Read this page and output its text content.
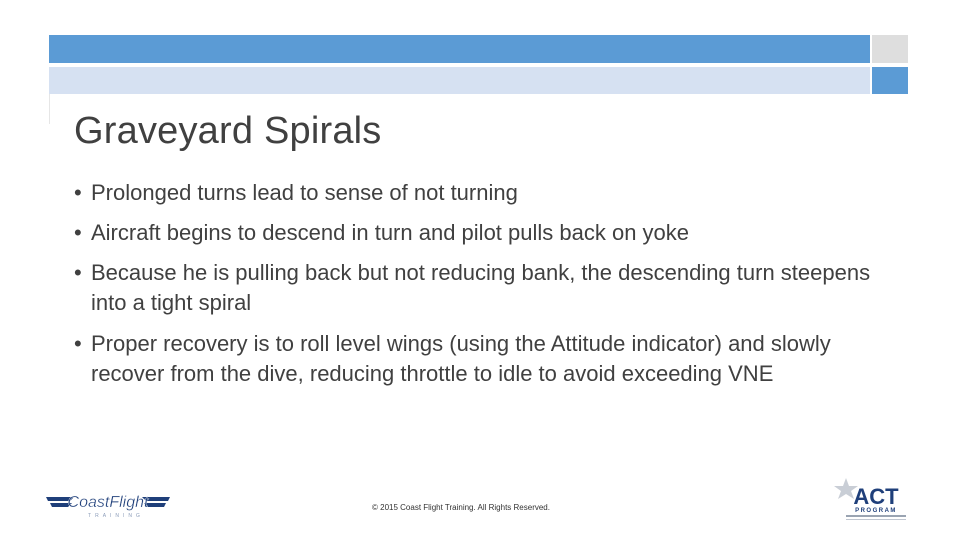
Graveyard Spirals
• Prolonged turns lead to sense of not turning
• Aircraft begins to descend in turn and pilot pulls back on yoke
• Because he is pulling back but not reducing bank, the descending turn steepens into a tight spiral
• Proper recovery is to roll level wings (using the Attitude indicator) and slowly recover from the dive, reducing throttle to idle to avoid exceeding VNE
CoastFlight
TRAINING
© 2015 Coast Flight Training. All Rights Reserved.	ACT
PROGRAM
